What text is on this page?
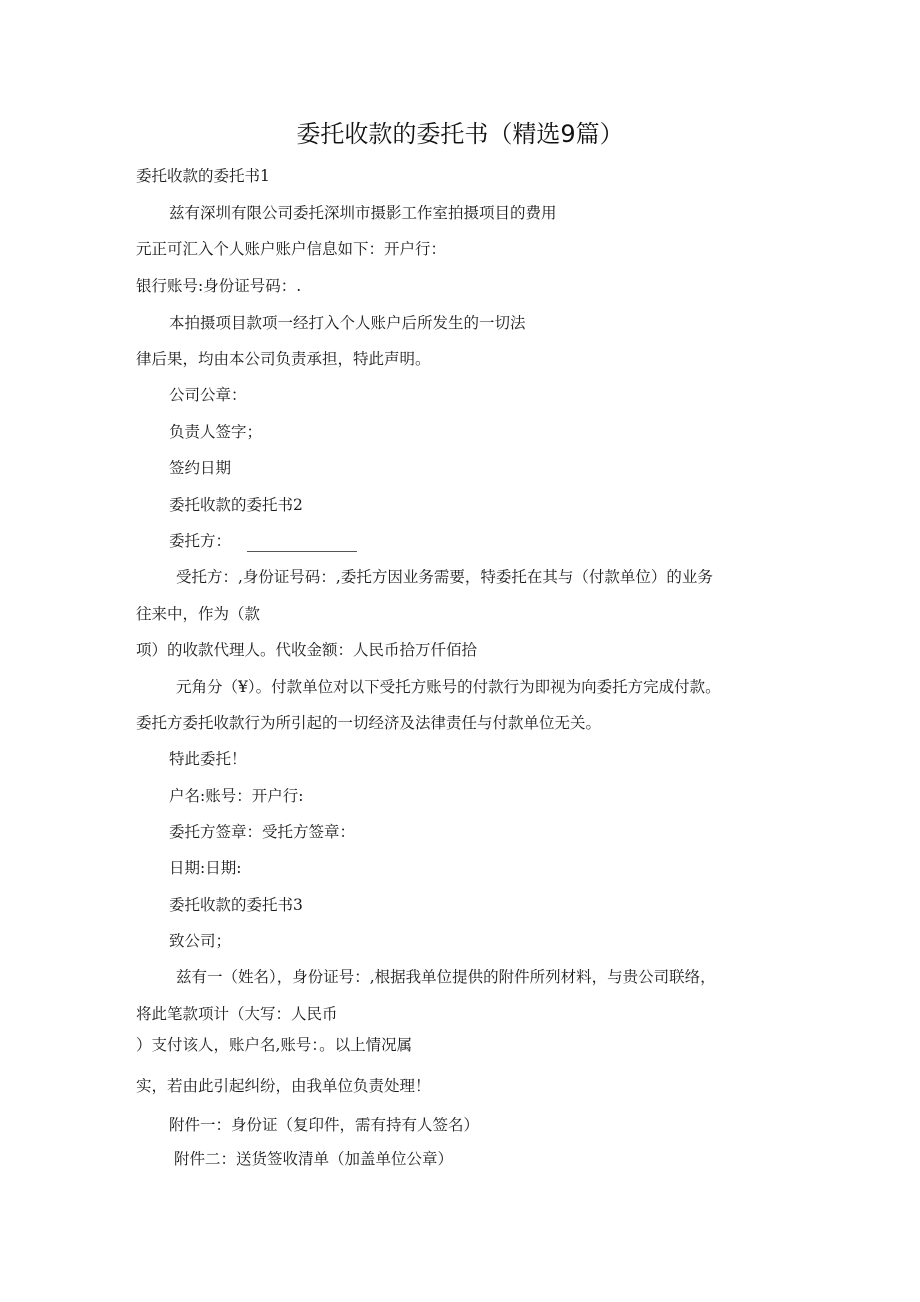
委托收款的委托书（精选9篇）
委托收款的委托书1
兹有深圳有限公司委托深圳市摄影工作室拍摄项目的费用
元正可汇入个人账户账户信息如下：开户行：
银行账号:身份证号码：.
本拍摄项目款项一经打入个人账户后所发生的一切法
律后果，均由本公司负责承担，特此声明。
公司公章：
负责人签字；
签约日期
委托收款的委托书2
委托方：
受托方：,身份证号码：,委托方因业务需要，特委托在其与（付款单位）的业务
往来中，作为（款
项）的收款代理人。代收金额：人民币拾万仟佰拾
元角分（¥）。付款单位对以下受托方账号的付款行为即视为向委托方完成付款。
委托方委托收款行为所引起的一切经济及法律责任与付款单位无关。
特此委托！
户名:账号：开户行:
委托方签章：受托方签章：
日期:日期:
委托收款的委托书3
致公司；
兹有一（姓名），身份证号：,根据我单位提供的附件所列材料，与贵公司联络，
将此笔款项计（大写：人民币
）支付该人，账户名,账号：。以上情况属
实，若由此引起纠纷，由我单位负责处理！
附件一：身份证（复印件，需有持有人签名）
附件二：送货签收清单（加盖单位公章）
